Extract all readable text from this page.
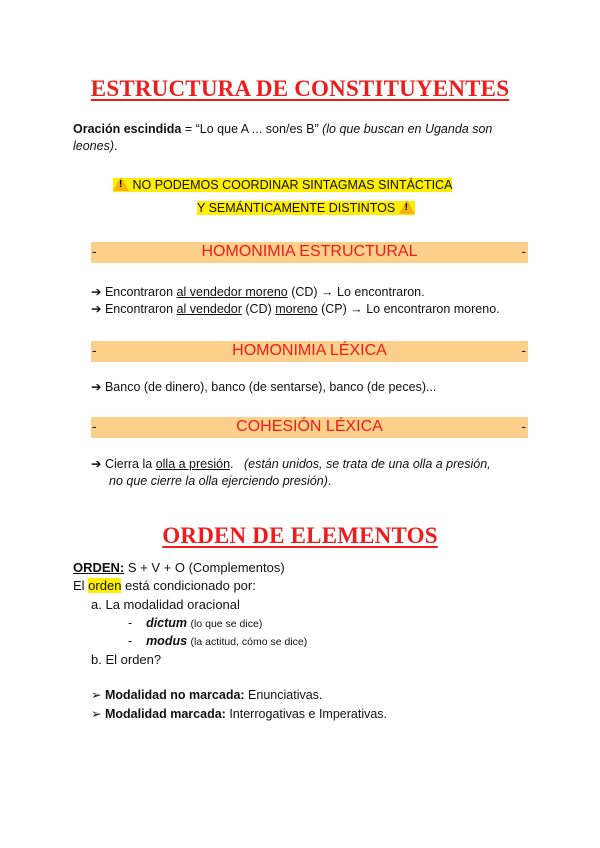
ESTRUCTURA DE CONSTITUYENTES
Oración escindida = “Lo que A ... son/es B” (lo que buscan en Uganda son
leones).
! NO PODEMOS COORDINAR SINTAGMAS SINTÁCTICA
Y SEMÁNTICAMENTE DISTINTOS !
-	HOMONIMIA ESTRUCTURAL	-
➔ Encontraron al vendedor moreno (CD) → Lo encontraron.
➔ Encontraron al vendedor (CD) moreno (CP) → Lo encontraron moreno.
-	HOMONIMIA LÉXICA	-
➔ Banco (de dinero), banco (de sentarse), banco (de peces)...
-	COHESIÓN LÉXICA	-
➔ Cierra la olla a presión. (están unidos, se trata de una olla a presión,
no que cierre la olla ejerciendo presión).
ORDEN DE ELEMENTOS
ORDEN: S + V + O (Complementos)
El orden está condicionado por:
a. La modalidad oracional
-    dictum (lo que se dice)
-    modus (la actitud, cómo se dice)
b. El orden?
➢ Modalidad no marcada: Enunciativas.
➢ Modalidad marcada: Interrogativas e Imperativas.
